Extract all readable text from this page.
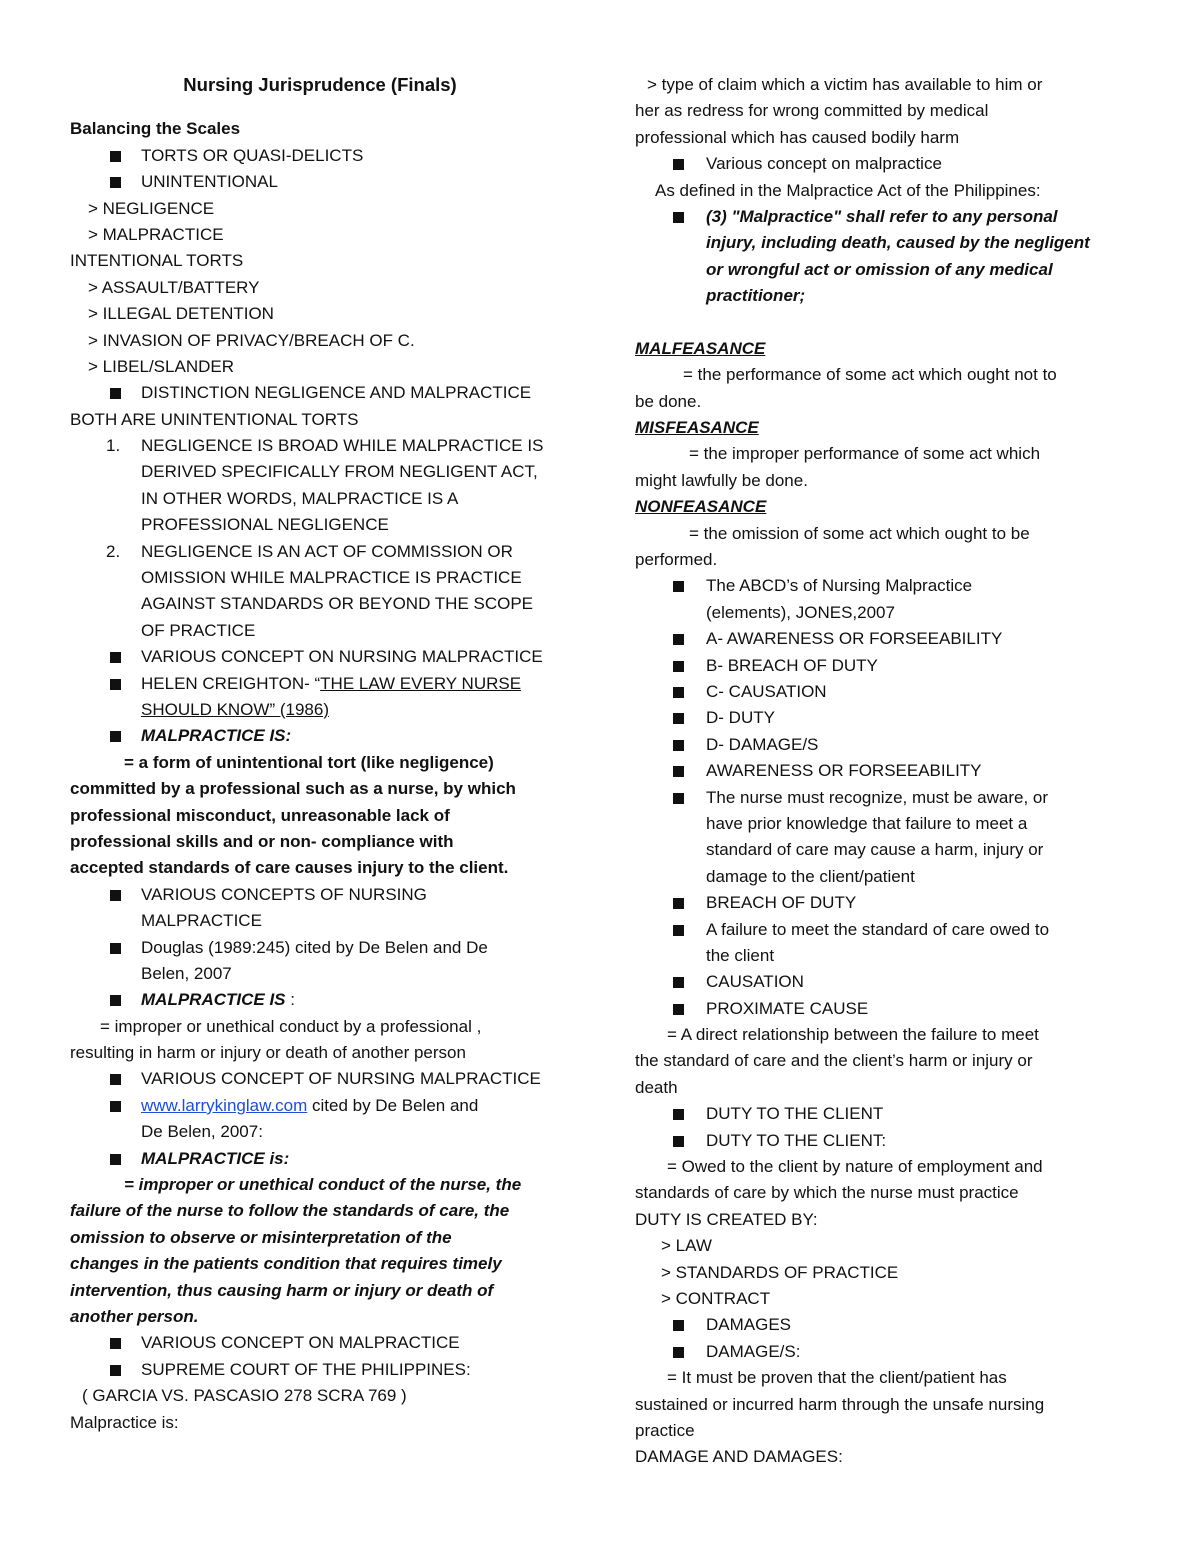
Nursing Jurisprudence (Finals)
Balancing the Scales
TORTS OR QUASI-DELICTS
UNINTENTIONAL
> NEGLIGENCE
> MALPRACTICE
INTENTIONAL TORTS
> ASSAULT/BATTERY
> ILLEGAL DETENTION
> INVASION OF PRIVACY/BREACH OF C.
> LIBEL/SLANDER
DISTINCTION NEGLIGENCE AND MALPRACTICE
BOTH ARE UNINTENTIONAL TORTS
1. NEGLIGENCE IS BROAD WHILE MALPRACTICE IS
DERIVED SPECIFICALLY FROM NEGLIGENT ACT,
IN OTHER WORDS, MALPRACTICE IS A
PROFESSIONAL NEGLIGENCE
2. NEGLIGENCE IS AN ACT OF COMMISSION OR
OMISSION WHILE MALPRACTICE IS PRACTICE
AGAINST STANDARDS OR BEYOND THE SCOPE
OF PRACTICE
VARIOUS CONCEPT ON NURSING MALPRACTICE
HELEN CREIGHTON- “THE LAW EVERY NURSE
SHOULD KNOW” (1986)
MALPRACTICE IS:
= a form of unintentional tort (like negligence)
committed by a professional such as a nurse, by which
professional misconduct, unreasonable lack of
professional skills and or non- compliance with
accepted standards of care causes injury to the client.
VARIOUS CONCEPTS OF NURSING
MALPRACTICE
Douglas (1989:245) cited by De Belen and De
Belen, 2007
MALPRACTICE IS :
= improper or unethical conduct by a professional ,
resulting in harm or injury or death of another person
VARIOUS CONCEPT OF NURSING MALPRACTICE
www.larrykinglaw.com cited by De Belen and
De Belen, 2007:
MALPRACTICE is:
= improper or unethical conduct of the nurse, the
failure of the nurse to follow the standards of care, the
omission to observe or misinterpretation of the
changes in the patients condition that requires timely
intervention, thus causing harm or injury or death of
another person.
VARIOUS CONCEPT ON MALPRACTICE
SUPREME COURT OF THE PHILIPPINES:
( GARCIA VS. PASCASIO 278 SCRA 769 )
Malpractice is:
> type of claim which a victim has available to him or
her as redress for wrong committed by medical
professional which has caused bodily harm
Various concept on malpractice
As defined in the Malpractice Act of the Philippines:
(3) "Malpractice" shall refer to any personal
injury, including death, caused by the negligent
or wrongful act or omission of any medical
practitioner;
MALFEASANCE
= the performance of some act which ought not to
be done.
MISFEASANCE
= the improper performance of some act which
might lawfully be done.
NONFEASANCE
= the omission of some act which ought to be
performed.
The ABCD’s of Nursing Malpractice
(elements), JONES,2007
A- AWARENESS OR FORSEEABILITY
B- BREACH OF DUTY
C- CAUSATION
D- DUTY
D- DAMAGE/S
AWARENESS OR FORSEEABILITY
The nurse must recognize, must be aware, or
have prior knowledge that failure to meet a
standard of care may cause a harm, injury or
damage to the client/patient
BREACH OF DUTY
A failure to meet the standard of care owed to
the client
CAUSATION
PROXIMATE CAUSE
= A direct relationship between the failure to meet
the standard of care and the client’s harm or injury or
death
DUTY TO THE CLIENT
DUTY TO THE CLIENT:
= Owed to the client by nature of employment and
standards of care by which the nurse must practice
DUTY IS CREATED BY:
> LAW
> STANDARDS OF PRACTICE
> CONTRACT
DAMAGES
DAMAGE/S:
= It must be proven that the client/patient has
sustained or incurred harm through the unsafe nursing
practice
DAMAGE AND DAMAGES:
